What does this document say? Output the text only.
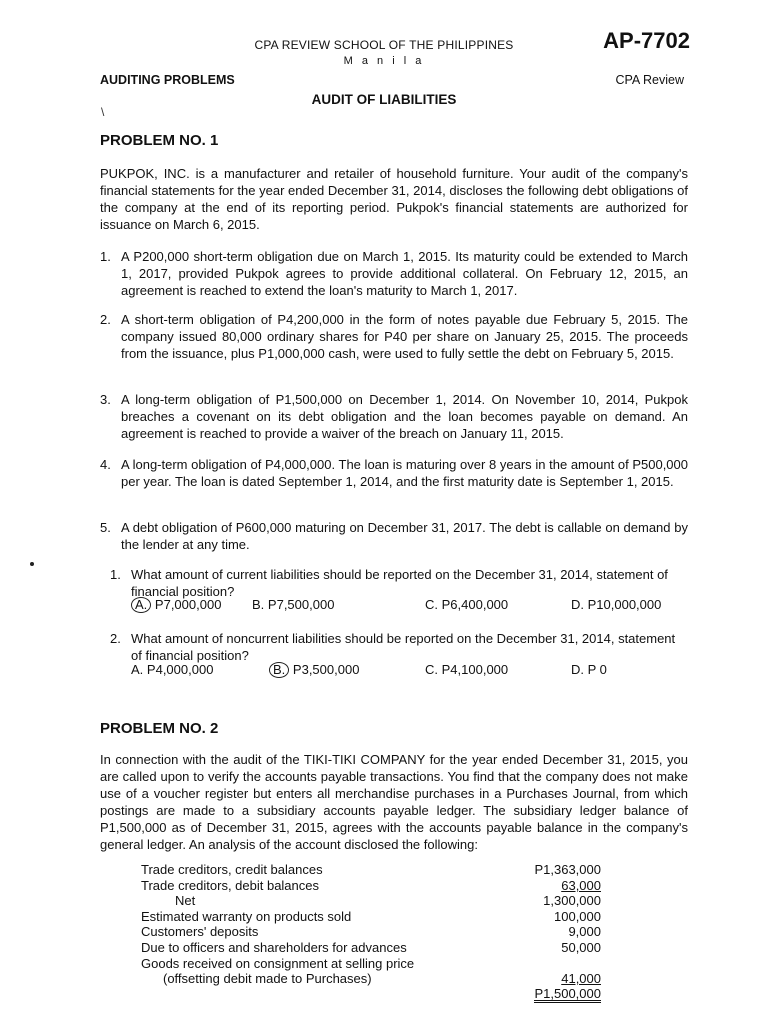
CPA REVIEW SCHOOL OF THE PHILIPPINES
M a n i l a
AP-7702
AUDITING PROBLEMS	CPA Review
AUDIT OF LIABILITIES
\
PROBLEM NO. 1
PUKPOK, INC. is a manufacturer and retailer of household furniture. Your audit of the company's financial statements for the year ended December 31, 2014, discloses the following debt obligations of the company at the end of its reporting period. Pukpok's financial statements are authorized for issuance on March 6, 2015.
1. A P200,000 short-term obligation due on March 1, 2015. Its maturity could be extended to March 1, 2017, provided Pukpok agrees to provide additional collateral. On February 12, 2015, an agreement is reached to extend the loan's maturity to March 1, 2017.
2. A short-term obligation of P4,200,000 in the form of notes payable due February 5, 2015. The company issued 80,000 ordinary shares for P40 per share on January 25, 2015. The proceeds from the issuance, plus P1,000,000 cash, were used to fully settle the debt on February 5, 2015.
3. A long-term obligation of P1,500,000 on December 1, 2014. On November 10, 2014, Pukpok breaches a covenant on its debt obligation and the loan becomes payable on demand. An agreement is reached to provide a waiver of the breach on January 11, 2015.
4. A long-term obligation of P4,000,000. The loan is maturing over 8 years in the amount of P500,000 per year. The loan is dated September 1, 2014, and the first maturity date is September 1, 2015.
5. A debt obligation of P600,000 maturing on December 31, 2017. The debt is callable on demand by the lender at any time.
1. What amount of current liabilities should be reported on the December 31, 2014, statement of financial position?
A. P7,000,000 B. P7,500,000	C. P6,400,000	D. P10,000,000
2. What amount of noncurrent liabilities should be reported on the December 31, 2014, statement of financial position?
A. P4,000,000	B. P3,500,000	C. P4,100,000	D. P 0
PROBLEM NO. 2
In connection with the audit of the TIKI-TIKI COMPANY for the year ended December 31, 2015, you are called upon to verify the accounts payable transactions. You find that the company does not make use of a voucher register but enters all merchandise purchases in a Purchases Journal, from which postings are made to a subsidiary accounts payable ledger. The subsidiary ledger balance of P1,500,000 as of December 31, 2015, agrees with the accounts payable balance in the company's general ledger. An analysis of the account disclosed the following:
Trade creditors, credit balances	P1,363,000
Trade creditors, debit balances	63,000
Net	1,300,000
Estimated warranty on products sold	100,000
Customers' deposits	9,000
Due to officers and shareholders for advances	50,000
Goods received on consignment at selling price
(offsetting debit made to Purchases)	41,000
P1,500,000
